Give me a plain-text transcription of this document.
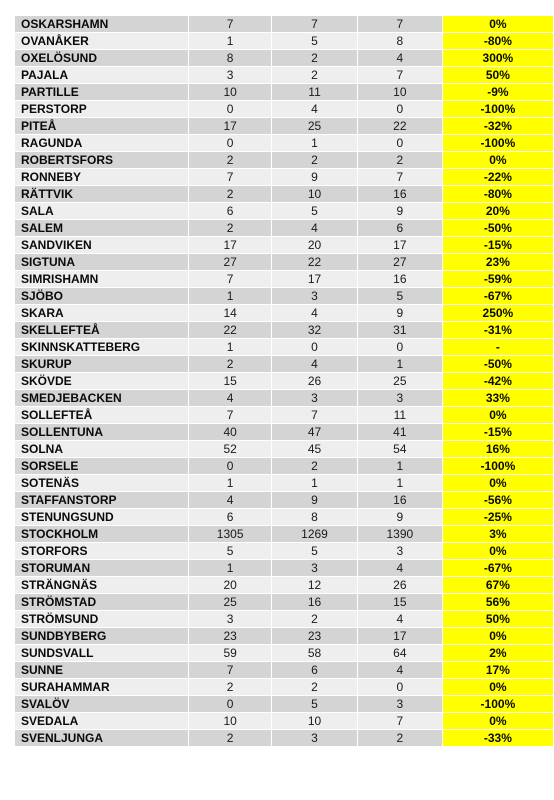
OSKARSHAMN	7	7	7	0%
OVANÅKER	1	5	8	-80%
OXELÖSUND	8	2	4	300%
PAJALA	3	2	7	50%
PARTILLE	10	11	10	-9%
PERSTORP	0	4	0	-100%
PITEÅ	17	25	22	-32%
RAGUNDA	0	1	0	-100%
ROBERTSFORS	2	2	2	0%
RONNEBY	7	9	7	-22%
RÄTTVIK	2	10	16	-80%
SALA	6	5	9	20%
SALEM	2	4	6	-50%
SANDVIKEN	17	20	17	-15%
SIGTUNA	27	22	27	23%
SIMRISHAMN	7	17	16	-59%
SJÖBO	1	3	5	-67%
SKARA	14	4	9	250%
SKELLEFTEÅ	22	32	31	-31%
SKINNSKATTEBERG	1	0	0	-
SKURUP	2	4	1	-50%
SKÖVDE	15	26	25	-42%
SMEDJEBACKEN	4	3	3	33%
SOLLEFTEÅ	7	7	11	0%
SOLLENTUNA	40	47	41	-15%
SOLNA	52	45	54	16%
SORSELE	0	2	1	-100%
SOTENÄS	1	1	1	0%
STAFFANSTORP	4	9	16	-56%
STENUNGSUND	6	8	9	-25%
STOCKHOLM	1305	1269	1390	3%
STORFORS	5	5	3	0%
STORUMAN	1	3	4	-67%
STRÄNGNÄS	20	12	26	67%
STRÖMSTAD	25	16	15	56%
STRÖMSUND	3	2	4	50%
SUNDBYBERG	23	23	17	0%
SUNDSVALL	59	58	64	2%
SUNNE	7	6	4	17%
SURAHAMMAR	2	2	0	0%
SVALÖV	0	5	3	-100%
SVEDALA	10	10	7	0%
SVENLJUNGA	2	3	2	-33%
